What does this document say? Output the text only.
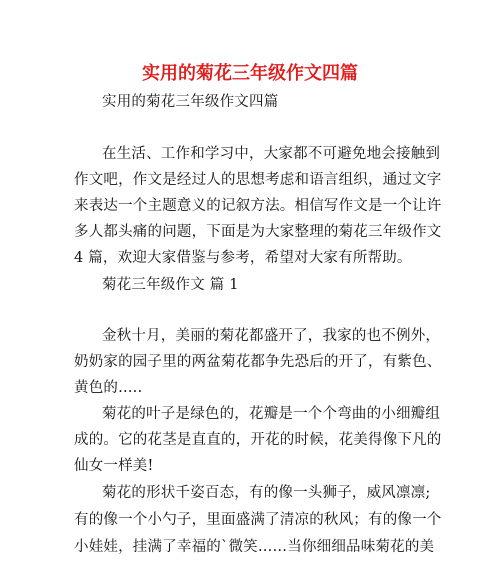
实用的菊花三年级作文四篇
实用的菊花三年级作文四篇
在生活、工作和学习中，大家都不可避免地会接触到
作文吧，作文是经过人的思想考虑和语言组织，通过文字
来表达一个主题意义的记叙方法。相信写作文是一个让许
多人都头痛的问题，下面是为大家整理的菊花三年级作文
4 篇，欢迎大家借鉴与参考，希望对大家有所帮助。
菊花三年级作文 篇 1
金秋十月，美丽的菊花都盛开了，我家的也不例外，
奶奶家的园子里的两盆菊花都争先恐后的开了，有紫色、
黄色的.….
菊花的叶子是绿色的，花瓣是一个个弯曲的小细瓣组
成的。它的花茎是直直的，开花的时候，花美得像下凡的
仙女一样美!
菊花的形状千姿百态，有的像一头狮子，威风凛凛;
有的像一个小勺子，里面盛满了清凉的秋风；有的像一个
小娃娃，挂满了幸福的`微笑……当你细细品味菊花的美
